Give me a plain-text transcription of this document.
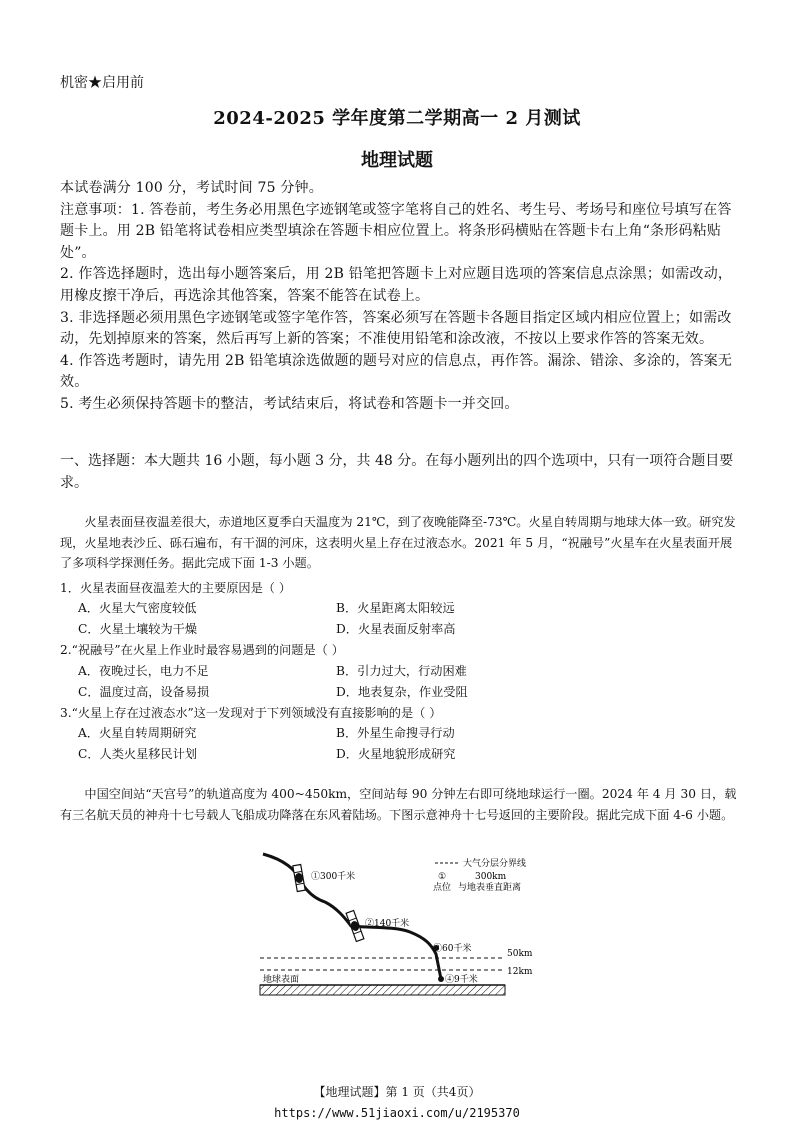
机密★启用前
2024-2025 学年度第二学期高一 2 月测试
地理试题

本试卷满分 100 分，考试时间 75 分钟。

注意事项：1. 答卷前，考生务必用黑色字迹钢笔或签字笔将自己的姓名、考生号、考场号和座位号填写在答题卡上。用 2B 铅笔将试卷相应类型填涂在答题卡相应位置上。将条形码横贴在答题卡右上角“条形码粘贴处”。

2. 作答选择题时，选出每小题答案后，用 2B 铅笔把答题卡上对应题目选项的答案信息点涂黑；如需改动，用橡皮擦干净后，再选涂其他答案，答案不能答在试卷上。

3. 非选择题必须用黑色字迹钢笔或签字笔作答，答案必须写在答题卡各题目指定区域内相应位置上；如需改动，先划掉原来的答案，然后再写上新的答案；不准使用铅笔和涂改液，不按以上要求作答的答案无效。

4. 作答选考题时，请先用 2B 铅笔填涂选做题的题号对应的信息点，再作答。漏涂、错涂、多涂的，答案无效。

5. 考生必须保持答题卡的整洁，考试结束后，将试卷和答题卡一并交回。

一、选择题：本大题共 16 小题，每小题 3 分，共 48 分。在每小题列出的四个选项中，只有一项符合题目要求。

火星表面昼夜温差很大，赤道地区夏季白天温度为 21℃，到了夜晚能降至-73℃。火星自转周期与地球大体一致。研究发现，火星地表沙丘、砾石遍布，有干涸的河床，这表明火星上存在过液态水。2021 年 5 月，“祝融号”火星车在火星表面开展了多项科学探测任务。据此完成下面 1-3 小题。

1．火星表面昼夜温差大的主要原因是（ ）
A．火星大气密度较低	B．火星距离太阳较远
C．火星土壤较为干燥	D．火星表面反射率高
2.“祝融号”在火星上作业时最容易遇到的问题是（ ）
A．夜晚过长，电力不足	B．引力过大，行动困难
C．温度过高，设备易损	D．地表复杂，作业受阻
3.“火星上存在过液态水”这一发现对于下列领域没有直接影响的是（ ）
A．火星自转周期研究	B．外星生命搜寻行动
C．人类火星移民计划	D．火星地貌形成研究

中国空间站“天宫号”的轨道高度为 400~450km，空间站每 90 分钟左右即可绕地球运行一圈。2024 年 4 月 30 日，载有三名航天员的神舟十七号载人飞船成功降落在东风着陆场。下图示意神舟十七号返回的主要阶段。据此完成下面 4-6 小题。

①300千米
②140千米
③60千米
④9千米
50km
12km
地球表面
大气分层分界线
①	300km
点位 与地表垂直距离
【地理试题】第 1 页（共4页）
https://www.51jiaoxi.com/u/2195370
